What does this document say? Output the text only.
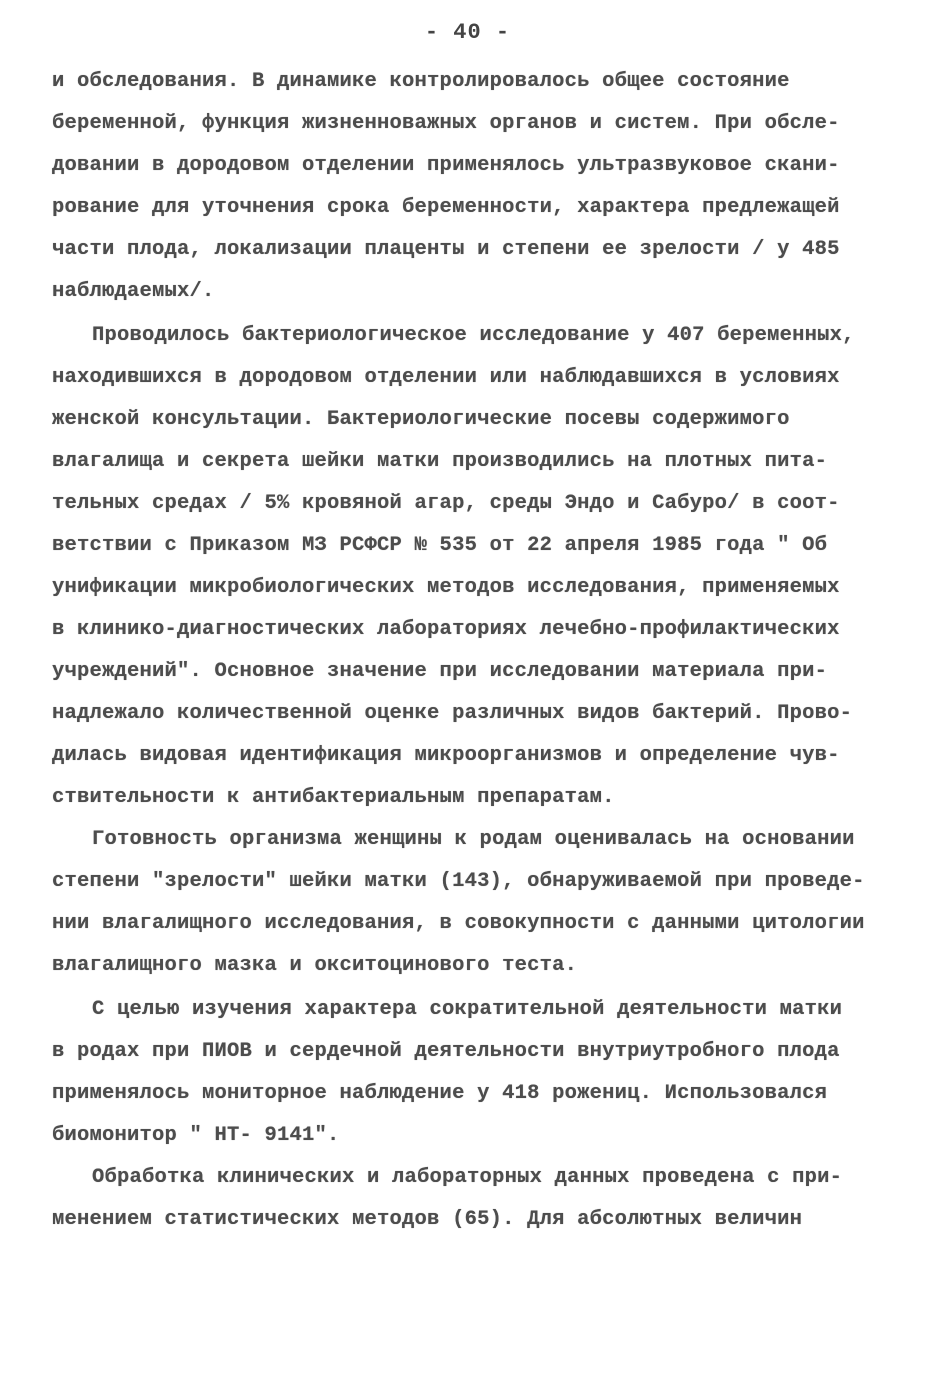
- 40 -
и обследования. В динамике контролировалось общее состояние
беременной, функция жизненноважных органов и систем. При обсле-
довании в дородовом отделении применялось ультразвуковое скани-
рование для уточнения срока беременности, характера предлежащей
части плода, локализации плаценты и степени ее зрелости / у 485
наблюдаемых/.
Проводилось бактериологическое исследование у 407 беременных,
находившихся в дородовом отделении или наблюдавшихся в условиях
женской консультации. Бактериологические посевы содержимого
влагалища и секрета шейки матки производились на плотных пита-
тельных средах / 5% кровяной агар, среды Эндо и Сабуро/ в соот-
ветствии с Приказом МЗ РСФСР № 535 от 22 апреля 1985 года " Об
унификации микробиологических методов исследования, применяемых
в клинико-диагностических лабораториях лечебно-профилактических
учреждений". Основное значение при исследовании материала при-
надлежало количественной оценке различных видов бактерий. Прово-
дилась видовая идентификация микроорганизмов и определение чув-
ствительности к антибактериальным препаратам.
Готовность организма женщины к родам оценивалась на основании
степени "зрелости" шейки матки (143), обнаруживаемой при проведе-
нии влагалищного исследования, в совокупности с данными цитологии
влагалищного мазка и окситоцинового теста.
С целью изучения характера сократительной деятельности матки
в родах при ПИОВ и сердечной деятельности внутриутробного плода
применялось мониторное наблюдение у 418 рожениц. Использовался
биомонитор " НТ- 9141".
Обработка клинических и лабораторных данных проведена с при-
менением статистических методов (65). Для абсолютных величин
